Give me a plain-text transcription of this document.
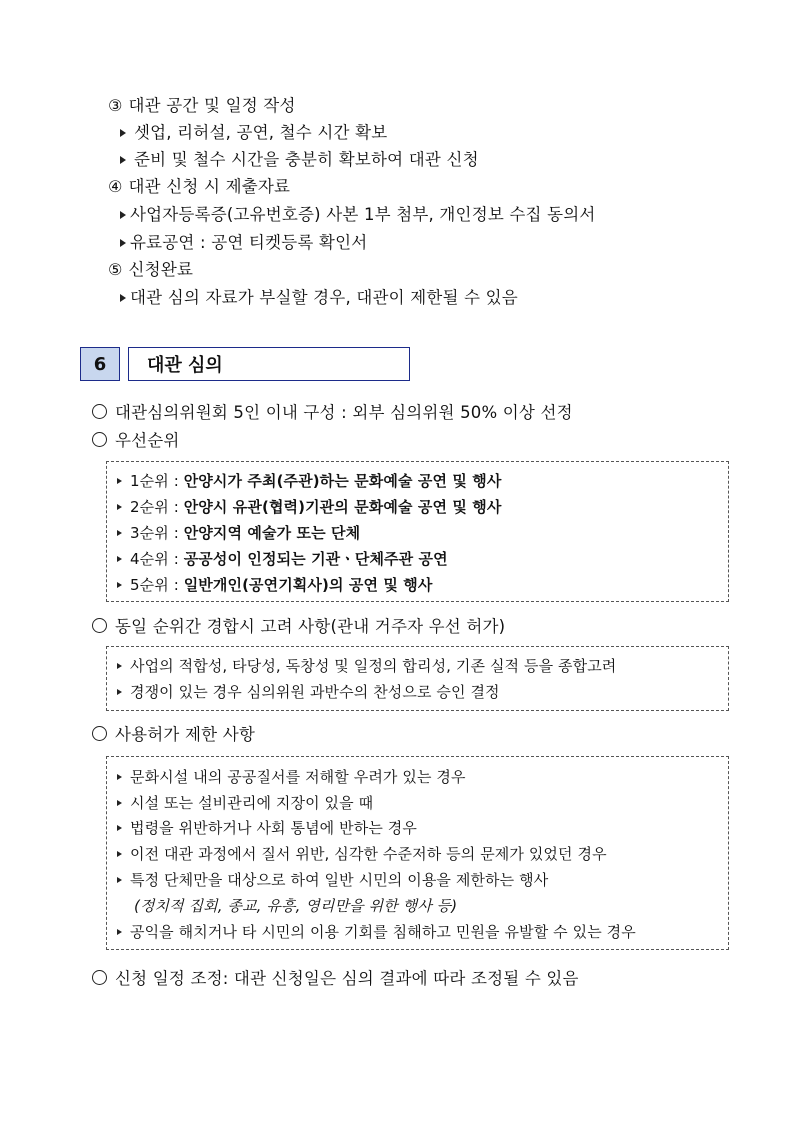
③ 대관 공간 및 일정 작성
셋업, 리허설, 공연, 철수 시간 확보
준비 및 철수 시간을 충분히 확보하여 대관 신청
④ 대관 신청 시 제출자료
사업자등록증(고유번호증) 사본 1부 첨부, 개인정보 수집 동의서
유료공연 : 공연 티켓등록 확인서
⑤ 신청완료
대관 심의 자료가 부실할 경우, 대관이 제한될 수 있음
6	대관 심의
대관심의위원회 5인 이내 구성 : 외부 심의위원 50% 이상 선정
우선순위
1순위 : 안양시가 주최(주관)하는 문화예술 공연 및 행사
2순위 : 안양시 유관(협력)기관의 문화예술 공연 및 행사
3순위 : 안양지역 예술가 또는 단체
4순위 : 공공성이 인정되는 기관ㆍ단체주관 공연
5순위 : 일반개인(공연기획사)의 공연 및 행사
동일 순위간 경합시 고려 사항(관내 거주자 우선 허가)
사업의 적합성, 타당성, 독창성 및 일정의 합리성, 기존 실적 등을 종합고려
경쟁이 있는 경우 심의위원 과반수의 찬성으로 승인 결정
사용허가 제한 사항
문화시설 내의 공공질서를 저해할 우려가 있는 경우
시설 또는 설비관리에 지장이 있을 때
법령을 위반하거나 사회 통념에 반하는 경우
이전 대관 과정에서 질서 위반, 심각한 수준저하 등의 문제가 있었던 경우
특정 단체만을 대상으로 하여 일반 시민의 이용을 제한하는 행사
(정치적 집회, 종교, 유흥, 영리만을 위한 행사 등)
공익을 해치거나 타 시민의 이용 기회를 침해하고 민원을 유발할 수 있는 경우
신청 일정 조정: 대관 신청일은 심의 결과에 따라 조정될 수 있음
